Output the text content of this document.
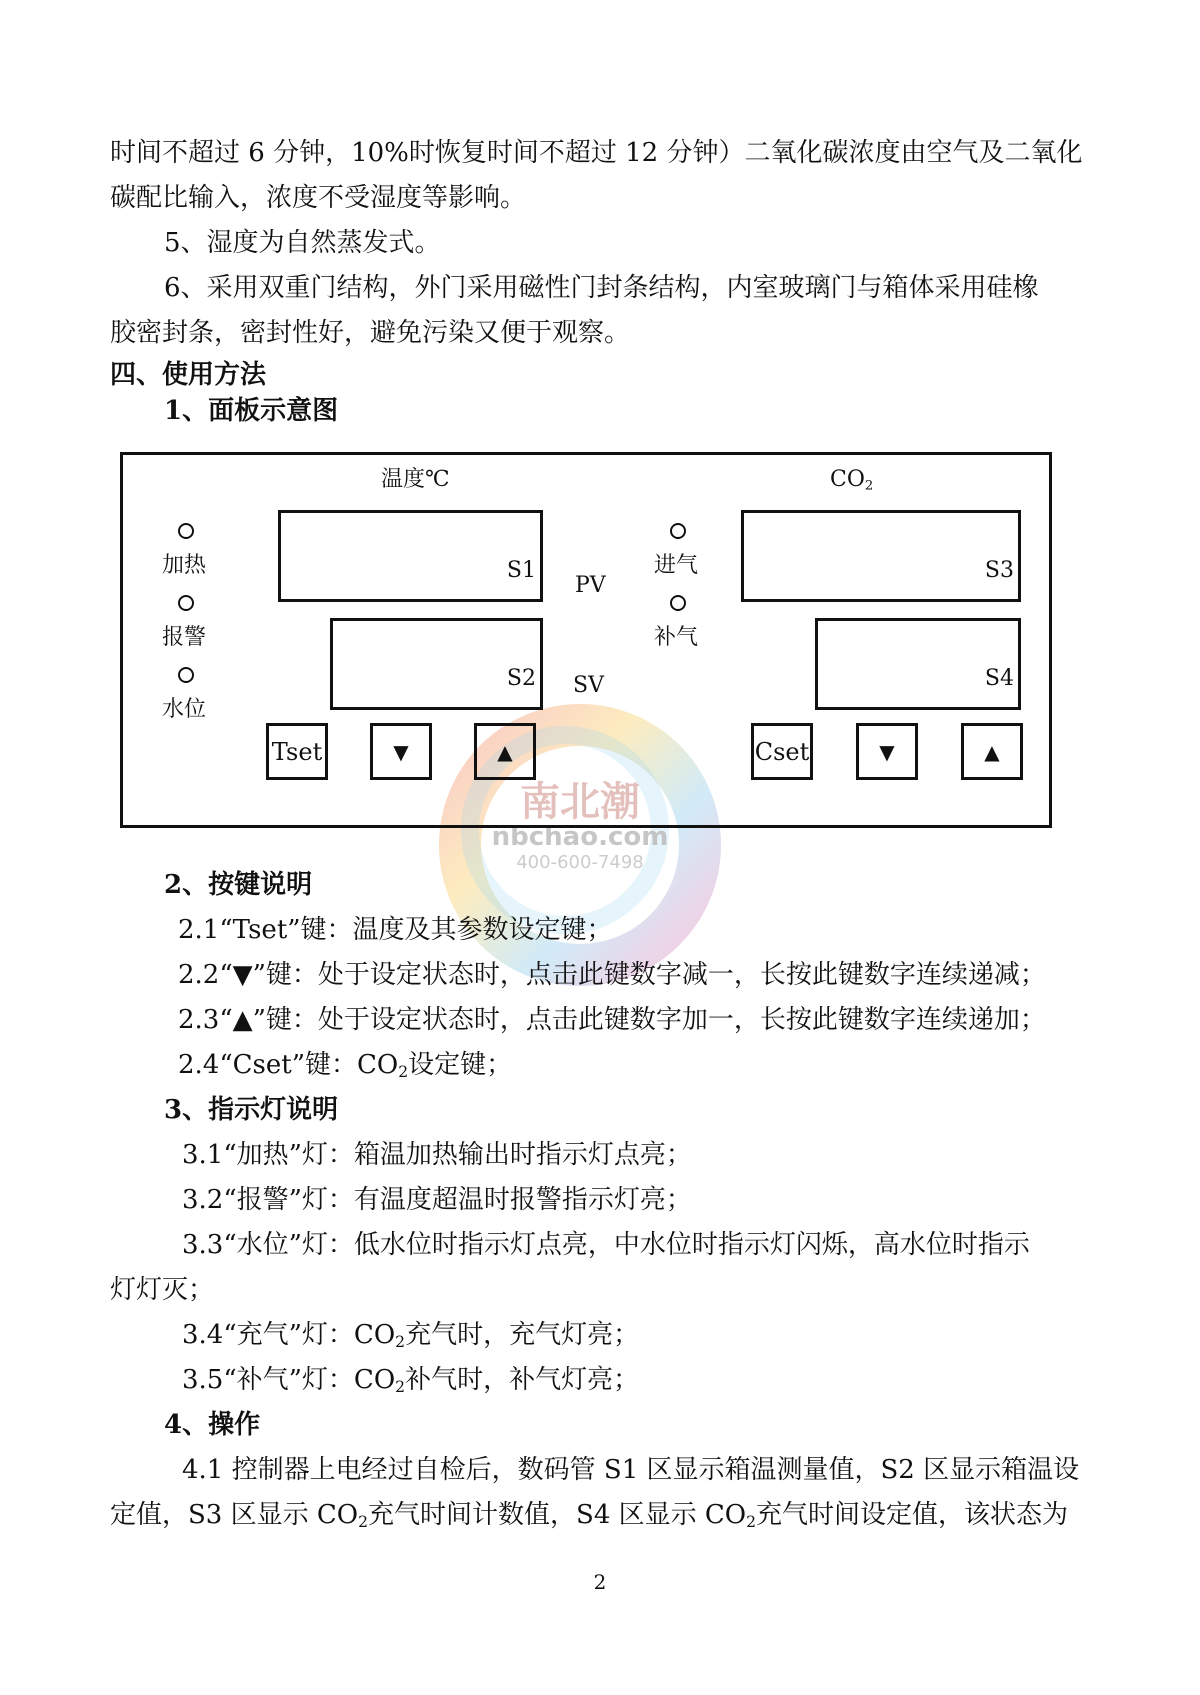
南北潮
nbchao.com
400-600-7498
时间不超过 6 分钟，10%时恢复时间不超过 12 分钟）二氧化碳浓度由空气及二氧化
碳配比输入，浓度不受湿度等影响。
5、湿度为自然蒸发式。
6、采用双重门结构，外门采用磁性门封条结构，内室玻璃门与箱体采用硅橡
胶密封条，密封性好，避免污染又便于观察。
四、使用方法
1、面板示意图
温度℃	$CO_2$
加热
报警
水位
S1
S2
PV
SV
进气
补气
S3
S4
Tset	▼	▲	Cset	▼	▲
2、按键说明
2.1“Tset”键：温度及其参数设定键；
2.2“▼”键：处于设定状态时，点击此键数字减一，长按此键数字连续递减；
2.3“▲”键：处于设定状态时，点击此键数字加一，长按此键数字连续递加；
2.4“Cset”键：$CO_2$设定键；
3、指示灯说明
3.1“加热”灯：箱温加热输出时指示灯点亮；
3.2“报警”灯：有温度超温时报警指示灯亮；
3.3“水位”灯：低水位时指示灯点亮，中水位时指示灯闪烁，高水位时指示
灯灯灭；
3.4“充气”灯：$CO_2$充气时，充气灯亮；
3.5“补气”灯：$CO_2$补气时，补气灯亮；
4、操作
4.1 控制器上电经过自检后，数码管 S1 区显示箱温测量值，S2 区显示箱温设
定值，S3 区显示 $CO_2$充气时间计数值，S4 区显示 $CO_2$充气时间设定值，该状态为
2
